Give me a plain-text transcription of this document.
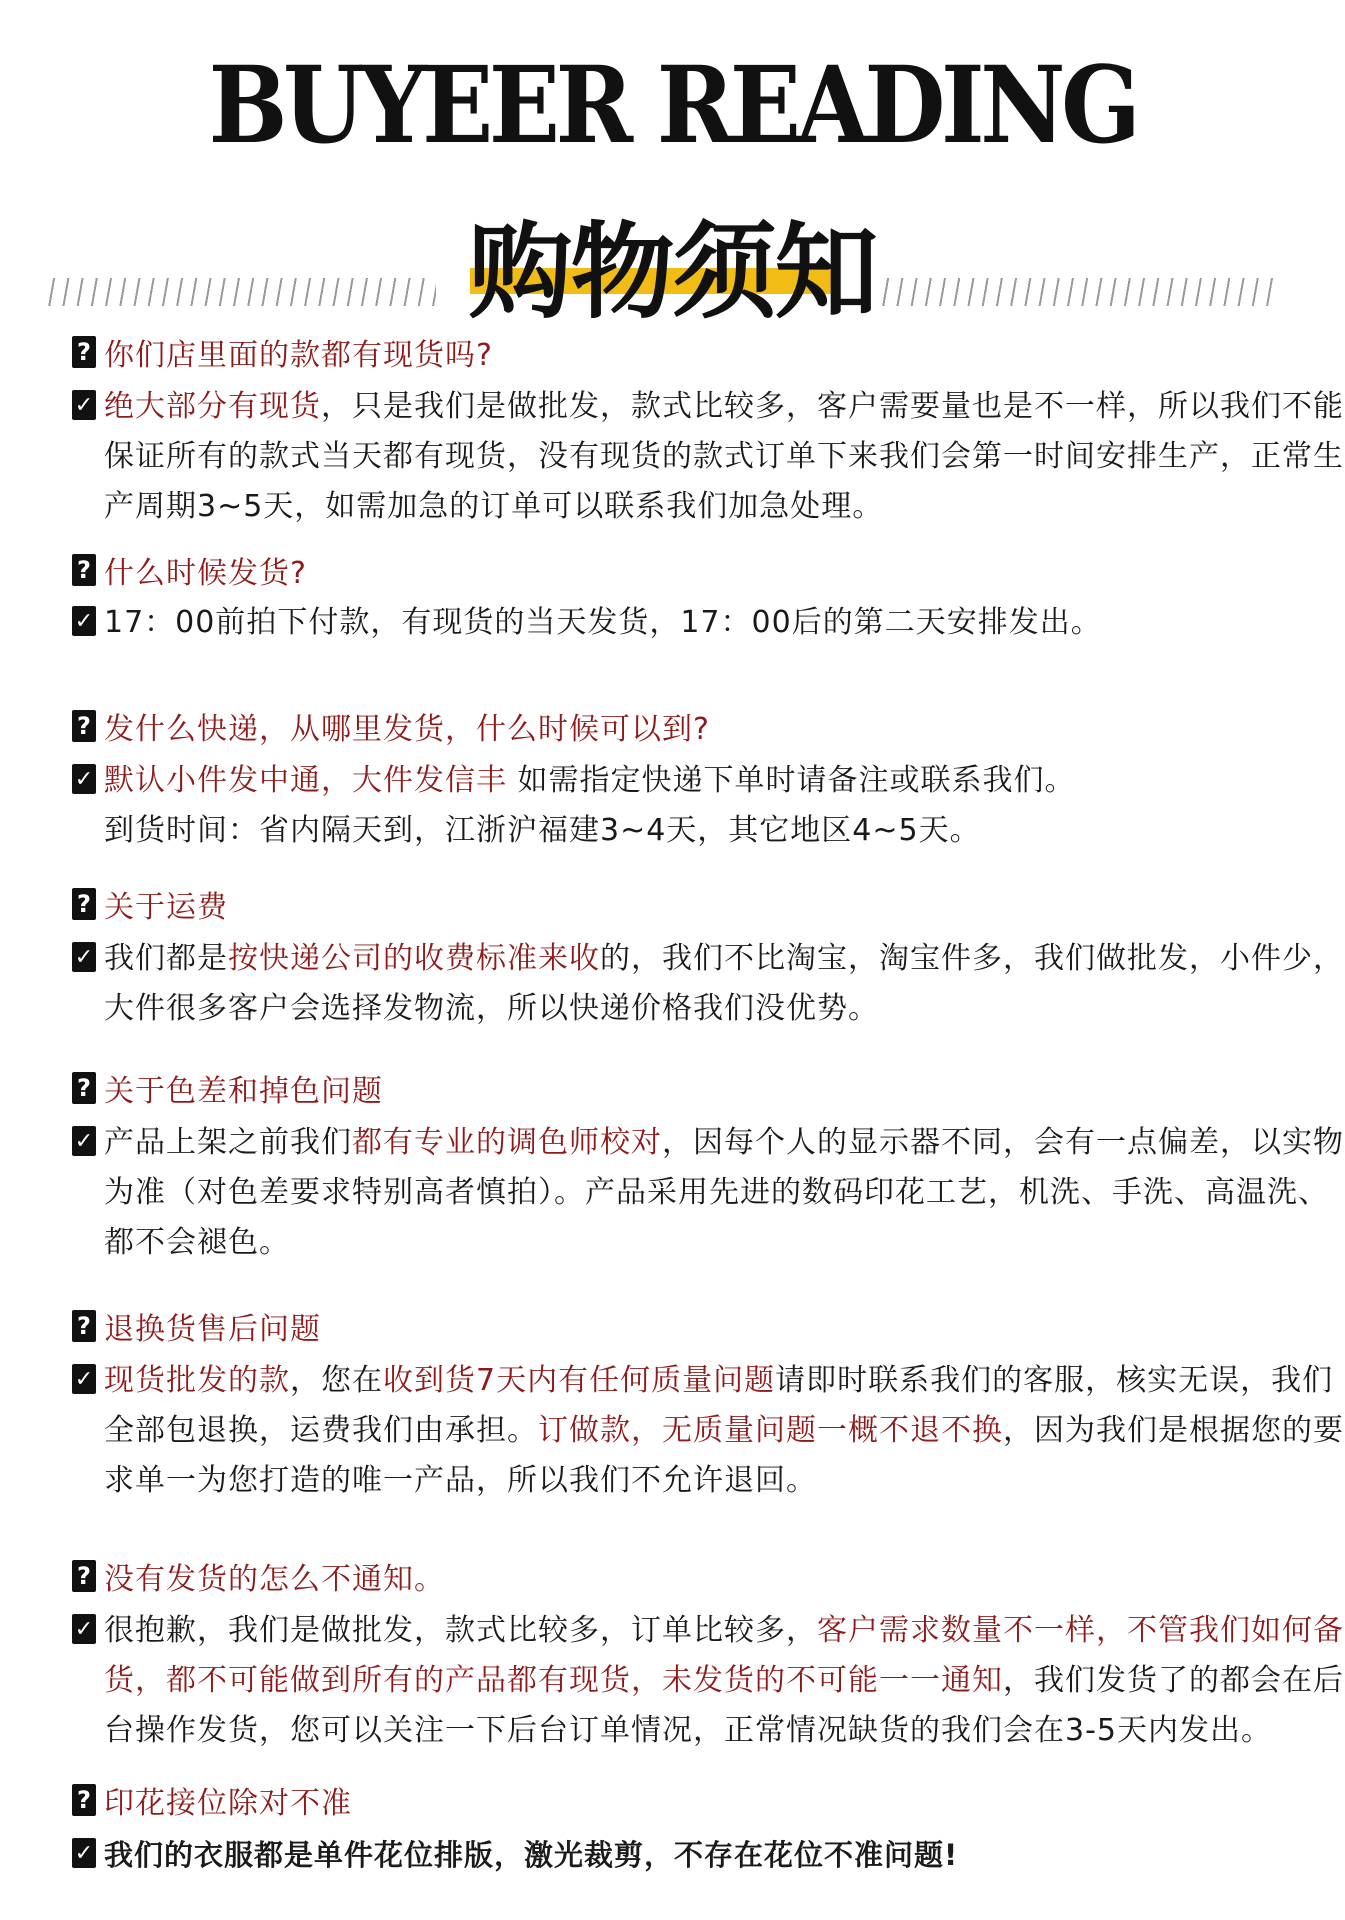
BUYEER READING
购物须知
? 你们店里面的款都有现货吗?
✓ 绝大部分有现货，只是我们是做批发，款式比较多，客户需要量也是不一样，所以我们不能
保证所有的款式当天都有现货，没有现货的款式订单下来我们会第一时间安排生产，正常生
产周期3~5天，如需加急的订单可以联系我们加急处理。
? 什么时候发货?
✓ 17：00前拍下付款，有现货的当天发货，17：00后的第二天安排发出。
? 发什么快递，从哪里发货，什么时候可以到?
✓ 默认小件发中通，大件发信丰 如需指定快递下单时请备注或联系我们。
到货时间：省内隔天到，江浙沪福建3~4天，其它地区4~5天。
? 关于运费
✓ 我们都是按快递公司的收费标准来收的，我们不比淘宝，淘宝件多，我们做批发，小件少，
大件很多客户会选择发物流，所以快递价格我们没优势。
? 关于色差和掉色问题
✓ 产品上架之前我们都有专业的调色师校对，因每个人的显示器不同，会有一点偏差，以实物
为准（对色差要求特别高者慎拍）。产品采用先进的数码印花工艺，机洗、手洗、高温洗、
都不会褪色。
? 退换货售后问题
✓ 现货批发的款，您在收到货7天内有任何质量问题请即时联系我们的客服，核实无误，我们
全部包退换，运费我们由承担。订做款，无质量问题一概不退不换，因为我们是根据您的要
求单一为您打造的唯一产品，所以我们不允许退回。
? 没有发货的怎么不通知。
✓ 很抱歉，我们是做批发，款式比较多，订单比较多，客户需求数量不一样，不管我们如何备
货，都不可能做到所有的产品都有现货，未发货的不可能一一通知，我们发货了的都会在后
台操作发货，您可以关注一下后台订单情况，正常情况缺货的我们会在3-5天内发出。
? 印花接位除对不准
✓ 我们的衣服都是单件花位排版，激光裁剪，不存在花位不准问题!
